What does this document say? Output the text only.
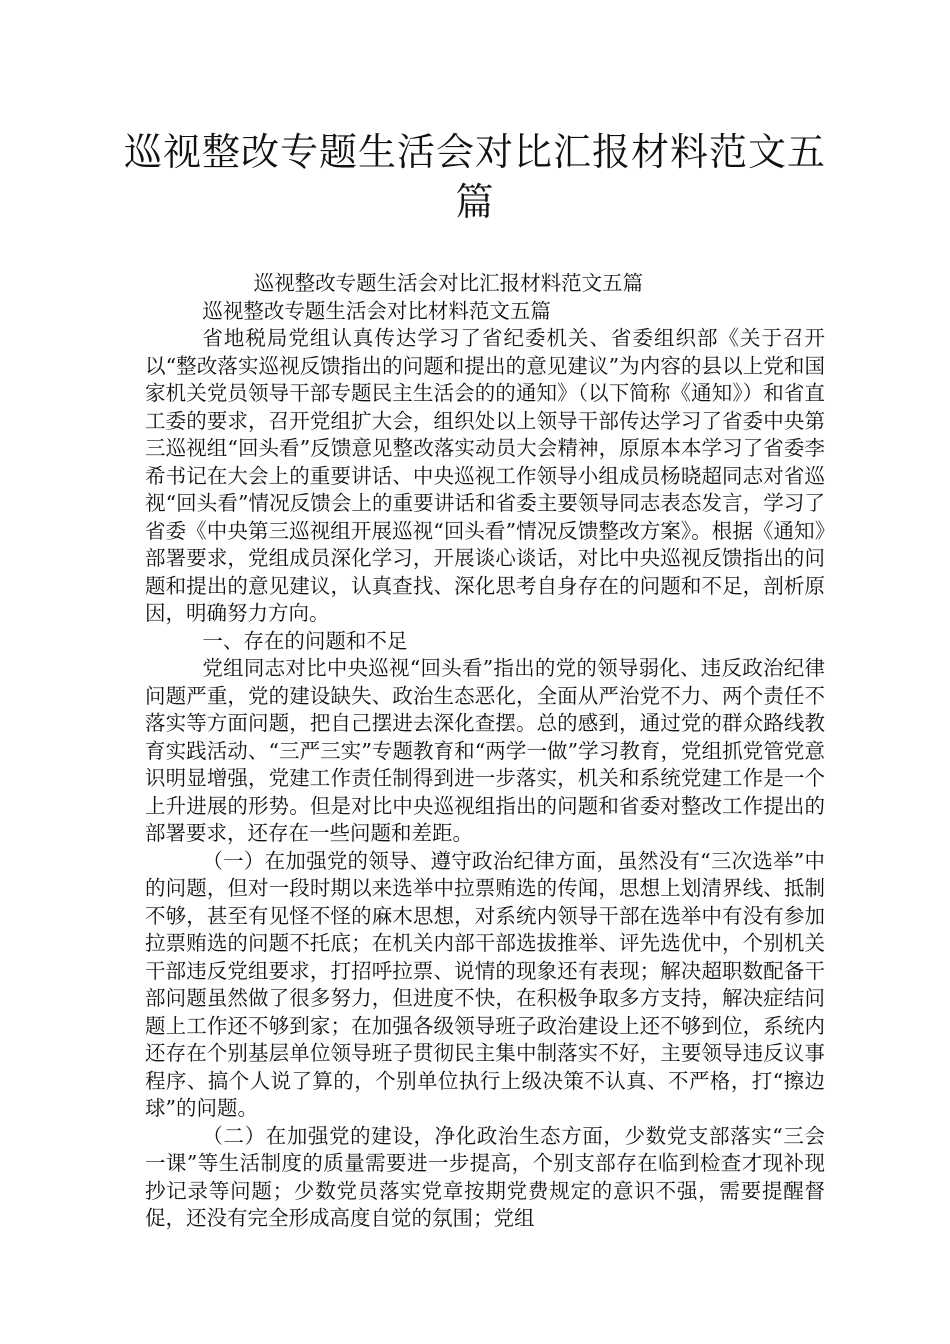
巡视整改专题生活会对比汇报材料范文五
篇

巡视整改专题生活会对比汇报材料范文五篇

巡视整改专题生活会对比材料范文五篇

省地税局党组认真传达学习了省纪委机关、省委组织部《关于召开以“整改落实巡视反馈指出的问题和提出的意见建议”为内容的县以上党和国家机关党员领导干部专题民主生活会的的通知》（以下简称《通知》）和省直工委的要求，召开党组扩大会，组织处以上领导干部传达学习了省委中央第三巡视组“回头看”反馈意见整改落实动员大会精神，原原本本学习了省委李希书记在大会上的重要讲话、中央巡视工作领导小组成员杨晓超同志对省巡视“回头看”情况反馈会上的重要讲话和省委主要领导同志表态发言，学习了省委《中央第三巡视组开展巡视“回头看”情况反馈整改方案》。根据《通知》部署要求，党组成员深化学习，开展谈心谈话，对比中央巡视反馈指出的问题和提出的意见建议，认真查找、深化思考自身存在的问题和不足，剖析原因，明确努力方向。

一、存在的问题和不足

党组同志对比中央巡视“回头看”指出的党的领导弱化、违反政治纪律问题严重，党的建设缺失、政治生态恶化，全面从严治党不力、两个责任不落实等方面问题，把自己摆进去深化查摆。总的感到，通过党的群众路线教育实践活动、“三严三实”专题教育和“两学一做”学习教育，党组抓党管党意识明显增强，党建工作责任制得到进一步落实，机关和系统党建工作是一个上升进展的形势。但是对比中央巡视组指出的问题和省委对整改工作提出的部署要求，还存在一些问题和差距。

（一）在加强党的领导、遵守政治纪律方面，虽然没有“三次选举”中的问题，但对一段时期以来选举中拉票贿选的传闻，思想上划清界线、抵制不够，甚至有见怪不怪的麻木思想，对系统内领导干部在选举中有没有参加拉票贿选的问题不托底；在机关内部干部选拔推举、评先选优中，个别机关干部违反党组要求，打招呼拉票、说情的现象还有表现；解决超职数配备干部问题虽然做了很多努力，但进度不快，在积极争取多方支持，解决症结问题上工作还不够到家；在加强各级领导班子政治建设上还不够到位，系统内还存在个别基层单位领导班子贯彻民主集中制落实不好，主要领导违反议事程序、搞个人说了算的，个别单位执行上级决策不认真、不严格，打“擦边球”的问题。

（二）在加强党的建设，净化政治生态方面，少数党支部落实“三会一课”等生活制度的质量需要进一步提高，个别支部存在临到检查才现补现抄记录等问题；少数党员落实党章按期党费规定的意识不强，需要提醒督促，还没有完全形成高度自觉的氛围；党组
